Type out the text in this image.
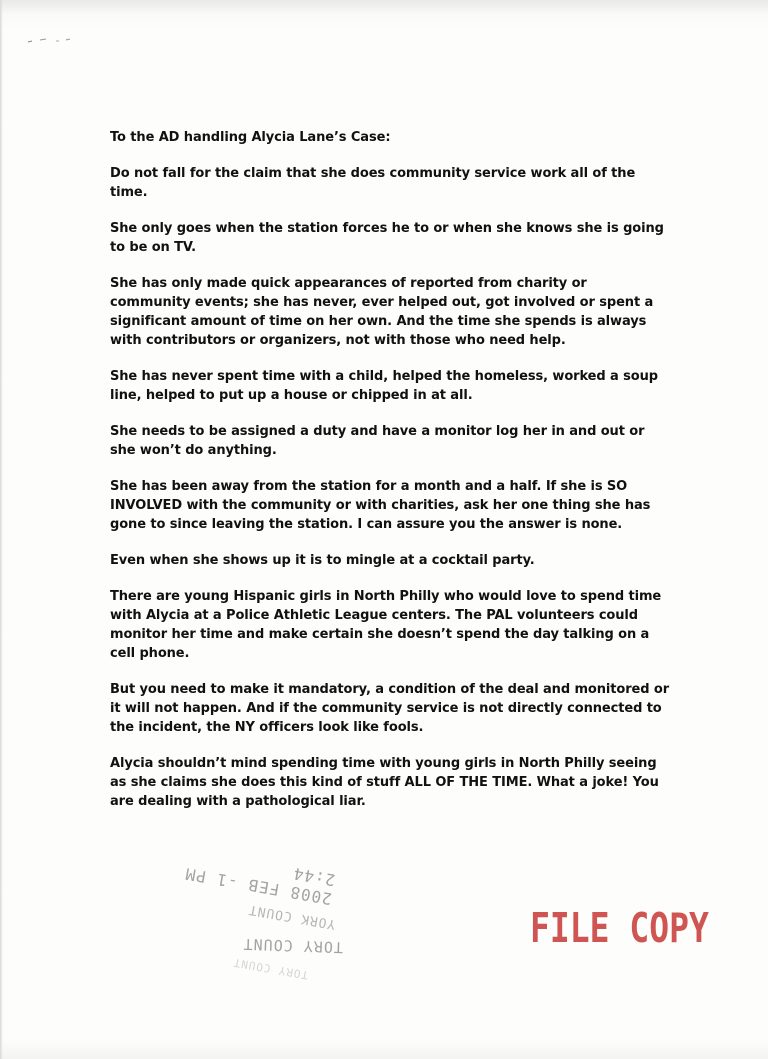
To the AD handling Alycia Lane’s Case:

Do not fall for the claim that she does community service work all of the time.

She only goes when the station forces he to or when she knows she is going to be on TV.

She has only made quick appearances of reported from charity or community events; she has never, ever helped out, got involved or spent a significant amount of time on her own. And the time she spends is always with contributors or organizers, not with those who need help.

She has never spent time with a child, helped the homeless, worked a soup line, helped to put up a house or chipped in at all.

She needs to be assigned a duty and have a monitor log her in and out or she won’t do anything.

She has been away from the station for a month and a half. If she is SO INVOLVED with the community or with charities, ask her one thing she has gone to since leaving the station. I can assure you the answer is none.

Even when she shows up it is to mingle at a cocktail party.

There are young Hispanic girls in North Philly who would love to spend time with Alycia at a Police Athletic League centers. The PAL volunteers could monitor her time and make certain she doesn’t spend the day talking on a cell phone.

But you need to make it mandatory, a condition of the deal and monitored or it will not happen. And if the community service is not directly connected to the incident, the NY officers look like fools.

Alycia shouldn’t mind spending time with young girls in North Philly seeing as she claims she does this kind of stuff ALL OF THE TIME. What a joke! You are dealing with a pathological liar.

2008 FEB -1 PM 2:44
YORK COUNT
TORY COUNT
TORY COUNT
FILE COPY
